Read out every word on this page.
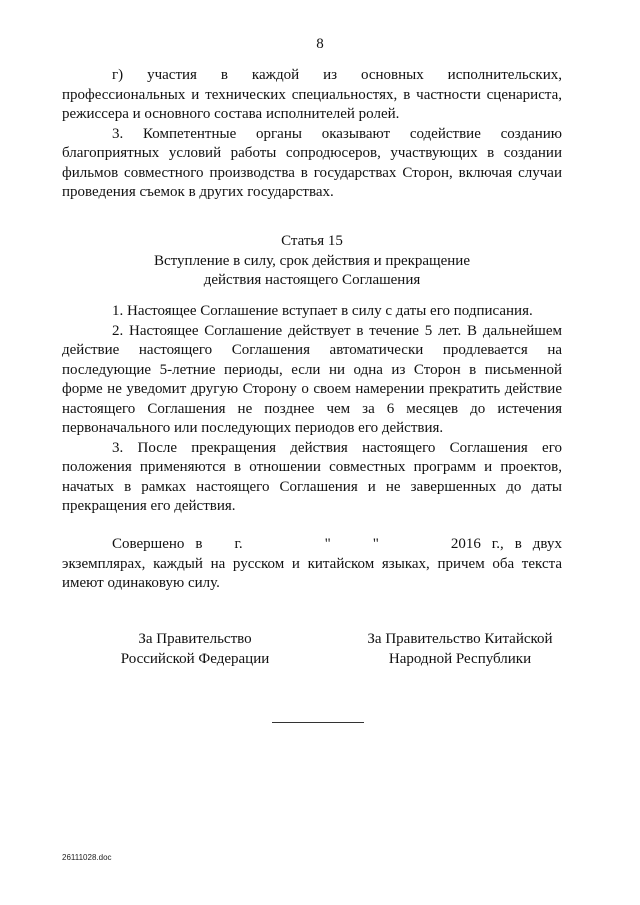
8

г) участия в каждой из основных исполнительских, профессиональных и технических специальностях, в частности сценариста, режиссера и основного состава исполнителей ролей.

3. Компетентные органы оказывают содействие созданию благоприятных условий работы сопродюсеров, участвующих в создании фильмов совместного производства в государствах Сторон, включая случаи проведения съемок в других государствах.

Статья 15

Вступление в силу, срок действия и прекращение

действия настоящего Соглашения

1. Настоящее Соглашение вступает в силу с даты его подписания.

2. Настоящее Соглашение действует в течение 5 лет. В дальнейшем действие настоящего Соглашения автоматически продлевается на последующие 5-летние периоды, если ни одна из Сторон в письменной форме не уведомит другую Сторону о своем намерении прекратить действие настоящего Соглашения не позднее чем за 6 месяцев до истечения первоначального или последующих периодов его действия.

3. После прекращения действия настоящего Соглашения его положения применяются в отношении совместных программ и проектов, начатых в рамках настоящего Соглашения и не завершенных до даты прекращения его действия.

Совершено в г.	"	"	2016 г., в двух

экземплярах, каждый на русском и китайском языках, причем оба текста имеют одинаковую силу.

За Правительство

Российской Федерации

За Правительство Китайской

Народной Республики

26111028.doc
